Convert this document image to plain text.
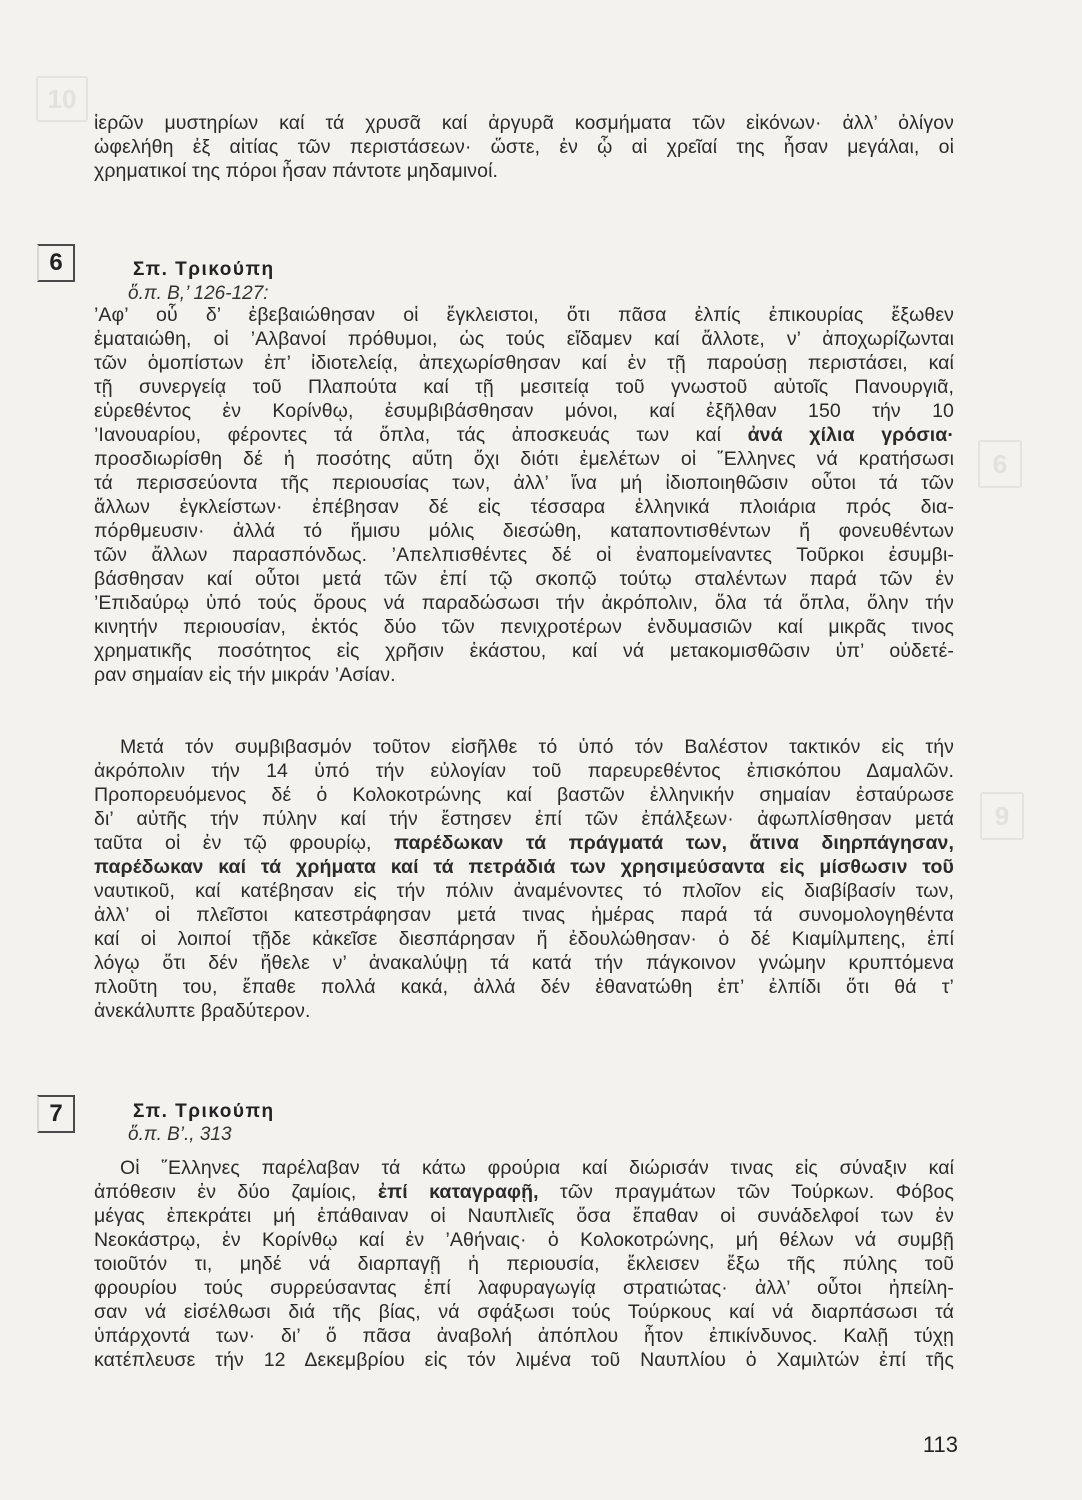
10
6
9
ἱερῶν μυστηρίων καί τά χρυσᾶ καί ἀργυρᾶ κοσμήματα τῶν εἰκόνων· ἀλλ’ ὀλίγον
ὠφελήθη ἐξ αἰτίας τῶν περιστάσεων· ὥστε, ἐν ᾧ αἱ χρεῖαί της ἦσαν μεγάλαι, οἱ
χρηματικοί της πόροι ἦσαν πάντοτε μηδαμινοί.
6	Σπ. Τρικούπη
ὅ.π. Β,’ 126-127:
’Αφ’ οὗ δ’ ἐβεβαιώθησαν οἱ ἔγκλειστοι, ὅτι πᾶσα ἐλπίς ἐπικουρίας ἔξωθεν
ἐματαιώθη, οἱ ’Αλβανοί πρόθυμοι, ὡς τούς εἴδαμεν καί ἄλλοτε, ν’ ἀποχωρίζωνται
τῶν ὁμοπίστων ἐπ’ ἰδιοτελείᾳ, ἀπεχωρίσθησαν καί ἐν τῇ παρούσῃ περιστάσει, καί
τῇ συνεργείᾳ τοῦ Πλαπούτα καί τῇ μεσιτείᾳ τοῦ γνωστοῦ αὐτοῖς Πανουργιᾶ,
εὑρεθέντος ἐν Κορίνθῳ, ἐσυμβιβάσθησαν μόνοι, καί ἐξῆλθαν 150 τήν 10
’Ιανουαρίου, φέροντες τά ὅπλα, τάς ἀποσκευάς των καί ἀνά χίλια γρόσια·
προσδιωρίσθη δέ ἡ ποσότης αὕτη ὄχι διότι ἐμελέτων οἱ ῞Ελληνες νά κρατήσωσι
τά περισσεύοντα τῆς περιουσίας των, ἀλλ’ ἵνα μή ἰδιοποιηθῶσιν οὗτοι τά τῶν
ἄλλων ἐγκλείστων· ἐπέβησαν δέ εἰς τέσσαρα ἑλληνικά πλοιάρια πρός δια-
πόρθμευσιν· ἀλλά τό ἥμισυ μόλις διεσώθη, καταποντισθέντων ἤ φονευθέντων
τῶν ἄλλων παρασπόνδως. ’Απελπισθέντες δέ οἱ ἐναπομείναντες Τοῦρκοι ἐσυμβι-
βάσθησαν καί οὗτοι μετά τῶν ἐπί τῷ σκοπῷ τούτῳ σταλέντων παρά τῶν ἐν
’Επιδαύρῳ ὑπό τούς ὅρους νά παραδώσωσι τήν ἀκρόπολιν, ὅλα τά ὅπλα, ὅλην τήν
κινητήν περιουσίαν, ἐκτός δύο τῶν πενιχροτέρων ἐνδυμασιῶν καί μικρᾶς τινος
χρηματικῆς ποσότητος εἰς χρῆσιν ἑκάστου, καί νά μετακομισθῶσιν ὑπ’ οὐδετέ-
ραν σημαίαν εἰς τήν μικράν ’Ασίαν.
Μετά τόν συμβιβασμόν τοῦτον εἰσῆλθε τό ὑπό τόν Βαλέστον τακτικόν εἰς τήν
ἀκρόπολιν τήν 14 ὑπό τήν εὐλογίαν τοῦ παρευρεθέντος ἐπισκόπου Δαμαλῶν.
Προπορευόμενος δέ ὁ Κολοκοτρώνης καί βαστῶν ἑλληνικήν σημαίαν ἐσταύρωσε
δι’ αὐτῆς τήν πύλην καί τήν ἔστησεν ἐπί τῶν ἐπάλξεων· ἀφωπλίσθησαν μετά
ταῦτα οἱ ἐν τῷ φρουρίῳ, παρέδωκαν τά πράγματά των, ἅτινα διηρπάγησαν,
παρέδωκαν καί τά χρήματα καί τά πετράδιά των χρησιμεύσαντα εἰς μίσθωσιν τοῦ
ναυτικοῦ, καί κατέβησαν εἰς τήν πόλιν ἀναμένοντες τό πλοῖον εἰς διαβίβασίν των,
ἀλλ’ οἱ πλεῖστοι κατεστράφησαν μετά τινας ἡμέρας παρά τά συνομολογηθέντα
καί οἱ λοιποί τῇδε κἀκεῖσε διεσπάρησαν ἤ ἐδουλώθησαν· ὁ δέ Κιαμίλμπεης, ἐπί
λόγῳ ὅτι δέν ἤθελε ν’ ἀνακαλύψῃ τά κατά τήν πάγκοινον γνώμην κρυπτόμενα
πλοῦτη του, ἔπαθε πολλά κακά, ἀλλά δέν ἐθανατώθη ἐπ’ ἐλπίδι ὅτι θά τ’
ἀνεκάλυπτε βραδύτερον.
7	Σπ. Τρικούπη
ὅ.π. Β’., 313
Οἱ ῞Ελληνες παρέλαβαν τά κάτω φρούρια καί διώρισάν τινας εἰς σύναξιν καί
ἀπόθεσιν ἐν δύο ζαμίοις, ἐπί καταγραφῇ, τῶν πραγμάτων τῶν Τούρκων. Φόβος
μέγας ἐπεκράτει μή ἐπάθαιναν οἱ Ναυπλιεῖς ὅσα ἔπαθαν οἱ συνάδελφοί των ἐν
Νεοκάστρῳ, ἐν Κορίνθῳ καί ἐν ’Αθήναις· ὁ Κολοκοτρώνης, μή θέλων νά συμβῇ
τοιοῦτόν τι, μηδέ νά διαρπαγῇ ἡ περιουσία, ἔκλεισεν ἔξω τῆς πύλης τοῦ
φρουρίου τούς συρρεύσαντας ἐπί λαφυραγωγίᾳ στρατιώτας· ἀλλ’ οὗτοι ἠπείλη-
σαν νά εἰσέλθωσι διά τῆς βίας, νά σφάξωσι τούς Τούρκους καί νά διαρπάσωσι τά
ὑπάρχοντά των· δι’ ὅ πᾶσα ἀναβολή ἀπόπλου ἦτον ἐπικίνδυνος. Καλῇ τύχῃ
κατέπλευσε τήν 12 Δεκεμβρίου εἰς τόν λιμένα τοῦ Ναυπλίου ὁ Χαμιλτών ἐπί τῆς
113
